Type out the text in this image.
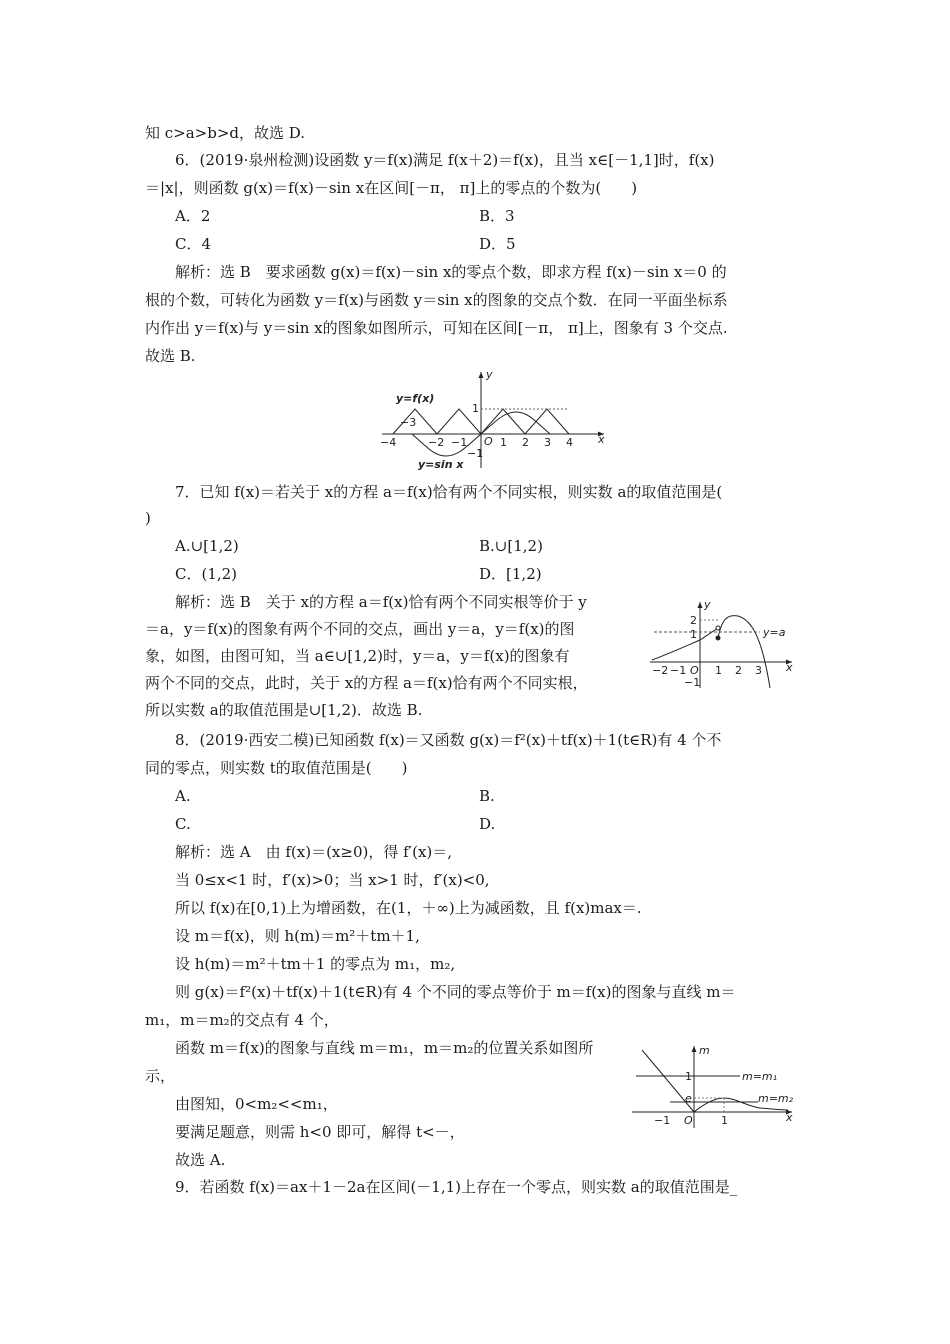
知 c>a>b>d，故选 D.
6．(2019·泉州检测)设函数 y＝f(x)满足 f(x＋2)＝f(x)，且当 x∈[－1,1]时，f(x)
＝|x|，则函数 g(x)＝f(x)－sin x在区间[－π， π]上的零点的个数为(　　)
A．2	B．3
C．4	D．5
解析：选 B　要求函数 g(x)＝f(x)－sin x的零点个数，即求方程 f(x)－sin x＝0 的
根的个数，可转化为函数 y＝f(x)与函数 y＝sin x的图象的交点个数．在同一平面坐标系
内作出 y＝f(x)与 y＝sin x的图象如图所示，可知在区间[－π， π]上，图象有 3 个交点.
故选 B.
−4
−3
−2 −1	1 2 3 4
1
−1
O
y
x
y=f(x)
y=sin x
7．已知 f(x)＝若关于 x的方程 a＝f(x)恰有两个不同实根，则实数 a的取值范围是(
)
A.∪[1,2)	B.∪[1,2)
C．(1,2)	D．[1,2)
解析：选 B　关于 x的方程 a＝f(x)恰有两个不同实根等价于 y
＝a，y＝f(x)的图象有两个不同的交点，画出 y＝a，y＝f(x)的图
象，如图，由图可知，当 a∈∪[1,2)时，y＝a，y＝f(x)的图象有
两个不同的交点，此时，关于 x的方程 a＝f(x)恰有两个不同实根，
所以实数 a的取值范围是∪[1,2)．故选 B.
−2 −1	1 2 3
2
1
−1
O
y
x
y=a
8．(2019·西安二模)已知函数 f(x)＝又函数 g(x)＝f²(x)＋tf(x)＋1(t∈R)有 4 个不
同的零点，则实数 t的取值范围是(　　)
A.	B.
C.	D.
解析：选 A　由 f(x)＝(x≥0)，得 f′(x)＝,
当 0≤x<1 时，f′(x)>0；当 x>1 时，f′(x)<0,
所以 f(x)在[0,1)上为增函数，在(1，＋∞)上为减函数，且 f(x)max＝.
设 m＝f(x)，则 h(m)＝m²＋tm＋1,
设 h(m)＝m²＋tm＋1 的零点为 m₁，m₂,
则 g(x)＝f²(x)＋tf(x)＋1(t∈R)有 4 个不同的零点等价于 m＝f(x)的图象与直线 m＝
m₁，m＝m₂的交点有 4 个，
函数 m＝f(x)的图象与直线 m＝m₁，m＝m₂的位置关系如图所
示，
由图知，0<m₂<<m₁，
要满足题意，则需 h<0 即可，解得 t<－，
故选 A.
−1	1
1
e
O
m
x
m=m₁
m=m₂
9．若函数 f(x)＝ax＋1－2a在区间(－1,1)上存在一个零点，则实数 a的取值范围是_
